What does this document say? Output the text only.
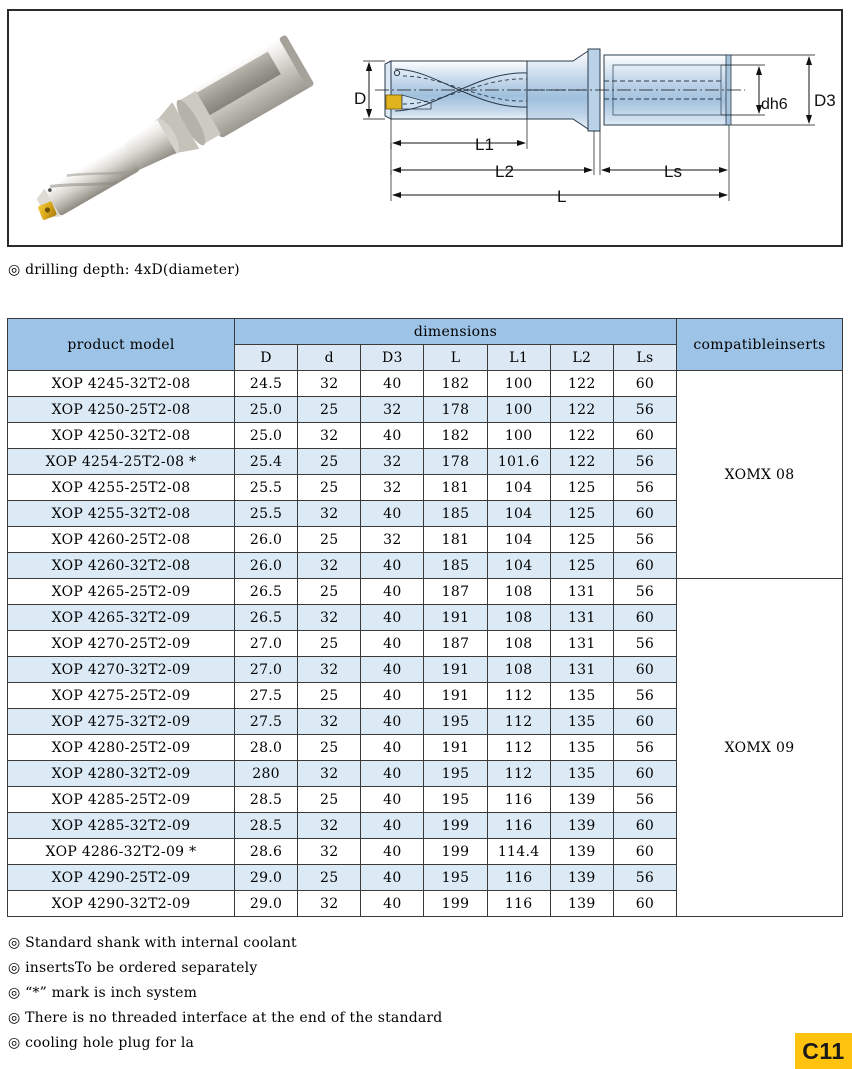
D	dh6 D3
L1
L2	Ls
L
◎ drilling depth: 4xD(diameter)
product model	dimensions							compatibleinserts
	D	d	D3	L	L1	L2	Ls	
XOP 4245-32T2-08	24.5	32	40	182	100	122	60	XOMX 08
XOP 4250-25T2-08	25.0	25	32	178	100	122	56	
XOP 4250-32T2-08	25.0	32	40	182	100	122	60	
XOP 4254-25T2-08 *	25.4	25	32	178	101.6	122	56	
XOP 4255-25T2-08	25.5	25	32	181	104	125	56	
XOP 4255-32T2-08	25.5	32	40	185	104	125	60	
XOP 4260-25T2-08	26.0	25	32	181	104	125	56	
XOP 4260-32T2-08	26.0	32	40	185	104	125	60	
XOP 4265-25T2-09	26.5	25	40	187	108	131	56	XOMX 09
XOP 4265-32T2-09	26.5	32	40	191	108	131	60	
XOP 4270-25T2-09	27.0	25	40	187	108	131	56	
XOP 4270-32T2-09	27.0	32	40	191	108	131	60	
XOP 4275-25T2-09	27.5	25	40	191	112	135	56	
XOP 4275-32T2-09	27.5	32	40	195	112	135	60	
XOP 4280-25T2-09	28.0	25	40	191	112	135	56	
XOP 4280-32T2-09	280	32	40	195	112	135	60	
XOP 4285-25T2-09	28.5	25	40	195	116	139	56	
XOP 4285-32T2-09	28.5	32	40	199	116	139	60	
XOP 4286-32T2-09 *	28.6	32	40	199	114.4	139	60	
XOP 4290-25T2-09	29.0	25	40	195	116	139	56	
XOP 4290-32T2-09	29.0	32	40	199	116	139	60	
◎ Standard shank with internal coolant
◎ insertsTo be ordered separately
◎ “*” mark is inch system
◎ There is no threaded interface at the end of the standard
◎ cooling hole plug for la	C11
